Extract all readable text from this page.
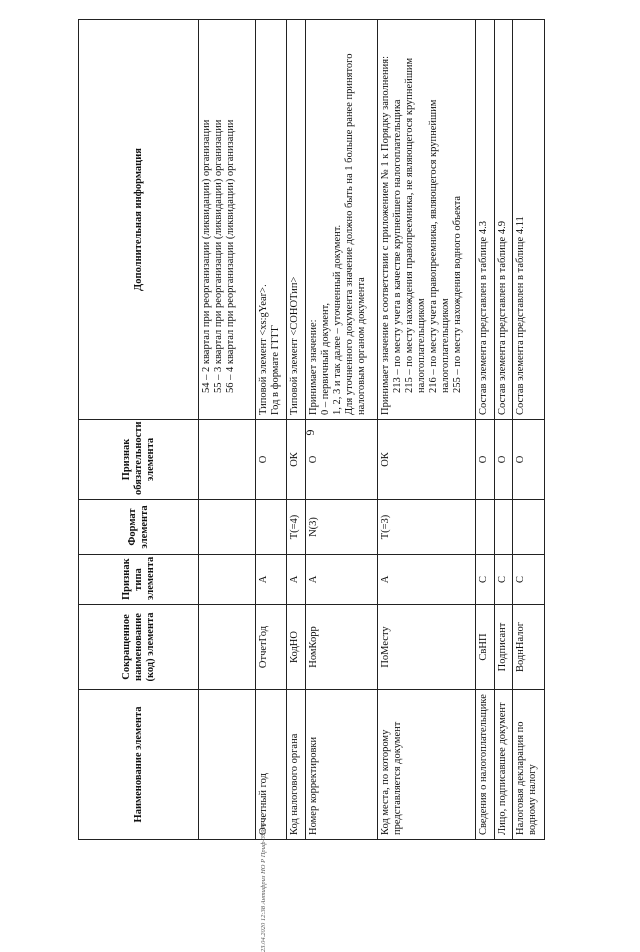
6
Наименование элемента	Сокращенное наименование (код) элемента	Признак типа элемента	Формат элемента	Признак обязательности элемента	Дополнительная информация

					54 – 2 квартал при реорганизации (ликвидации) организации 55 – 3 квартал при реорганизации (ликвидации) организации 56 – 4 квартал при реорганизации (ликвидации) организации

Отчетный год	ОтчетГод	А		О	Типовой элемент <xs:gYear>. Год в формате ГГГГ

Код налогового органа	КодНО	А	T(=4)	ОК	Типовой элемент <СОНОТип>

Номер корректировки	НомКорр	А	N(3)	О	Принимает значение: 0 – первичный документ, 1, 2, 3 и так далее – уточненный документ. Для уточненного документа значение должно быть на 1 больше ранее принятого налоговым органом документа

Код места, по которому представляется документ	ПоМесту	А	T(=3)	ОК	Принимает значение в соответствии с приложением № 1 к Порядку заполнения: 213 – по месту учета в качестве крупнейшего налогоплательщика 215 – по месту нахождения правопреемника, не являющегося крупнейшим налогоплательщиком 216 – по месту учета правопреемника, являющегося крупнейшим налогоплательщиком 255 – по месту нахождения водного объекта

Сведения о налогоплательщике	СвНП	С		О	Состав элемента представлен в таблице 4.3

Лицо, подписавшее документ	Подписант	С		О	Состав элемента представлен в таблице 4.9

Налоговая декларация по водному налогу	ВоднНалог	С		О	Состав элемента представлен в таблице 4.11
23.04.2020 12:38 Антифриз НО Р Приф-35996-3
